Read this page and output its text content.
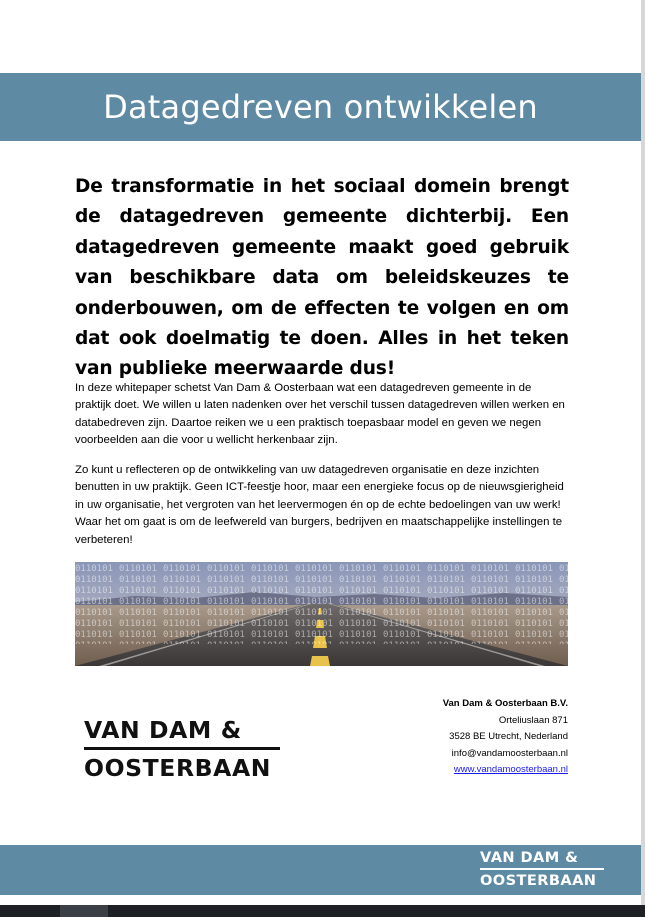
Datagedreven ontwikkelen

De transformatie in het sociaal domein brengt de datagedreven gemeente dichterbij. Een datagedreven gemeente maakt goed gebruik van beschikbare data om beleidskeuzes te onderbouwen, om de effecten te volgen en om dat ook doelmatig te doen. Alles in het teken van publieke meerwaarde dus!

In deze whitepaper schetst Van Dam & Oosterbaan wat een datagedreven gemeente in de praktijk doet. We willen u laten nadenken over het verschil tussen datagedreven willen werken en databedreven zijn. Daartoe reiken we u een praktisch toepasbaar model en geven we negen voorbeelden aan die voor u wellicht herkenbaar zijn.

Zo kunt u reflecteren op de ontwikkeling van uw datagedreven organisatie en deze inzichten benutten in uw praktijk. Geen ICT-feestje hoor, maar een energieke focus op de nieuwsgierigheid in uw organisatie, het vergroten van het leervermogen én op de echte bedoelingen van uw werk! Waar het om gaat is om de leefwereld van burgers, bedrijven en maatschappelijke instellingen te verbeteren!

VAN DAM &
OOSTERBAAN
Van Dam & Oosterbaan B.V.
Orteliuslaan 871
3528 BE Utrecht, Nederland
info@vandamoosterbaan.nl
www.vandamoosterbaan.nl
VAN DAM &
OOSTERBAAN
